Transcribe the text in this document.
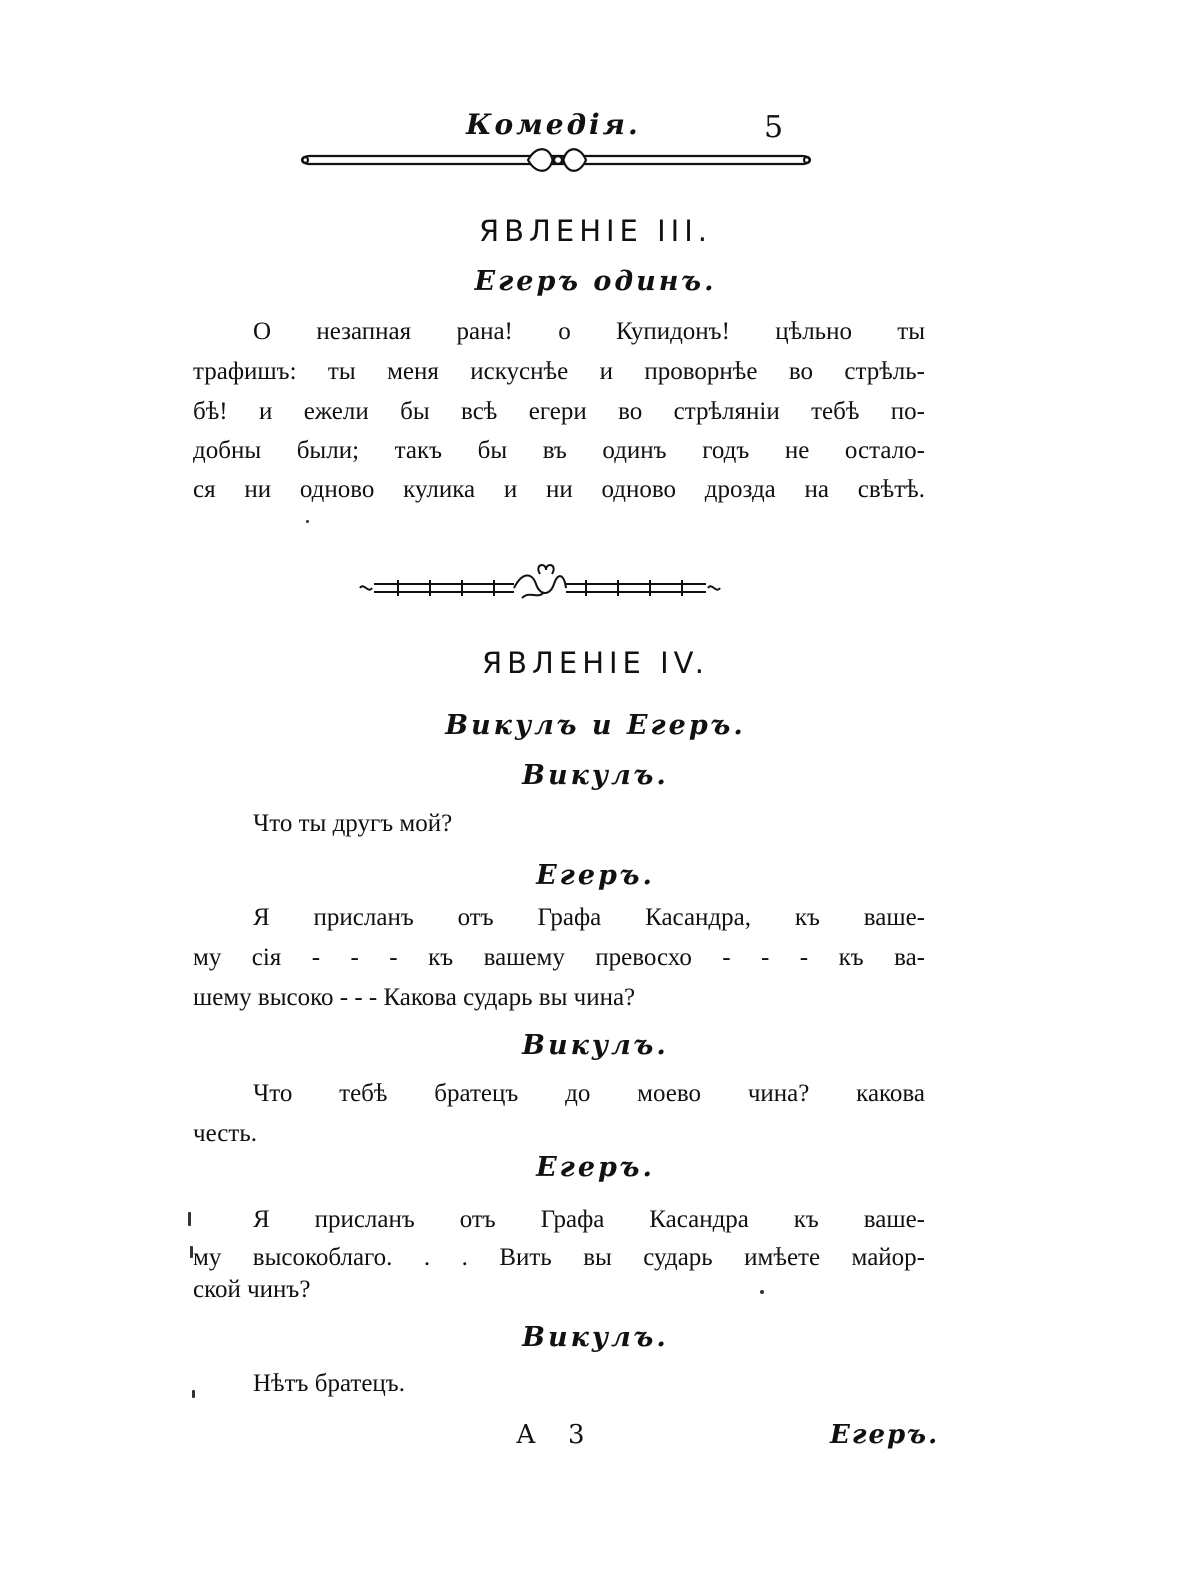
Комедія.	5
ЯВЛЕНІЕ III.
Егеръ одинъ.
О незапная рана! о Купидонъ! цѣльно ты
трафишъ: ты меня искуснѣе и проворнѣе во стрѣль-
бѣ! и ежели бы всѣ егери во стрѣляніи тебѣ по-
добны были; такъ бы въ одинъ годъ не осталo-
ся ни одново кулика и ни одново дрозда на свѣтѣ.
ЯВЛЕНІЕ IV.
Викулъ и Егеръ.
Викулъ.
Что ты другъ мой?
Егеръ.
Я присланъ отъ Графа Касандра, къ ваше-
му сія - - - къ вашему превосхо - - - къ ва-
шему высоко - - - Какова сударь вы чина?
Викулъ.
Что тебѣ братецъ до моево чина? какова
честь.
Егеръ.
Я присланъ отъ Графа Касандра къ ваше-
му высокоблаго. . . Вить вы сударь имѣете майор-
ской чинъ?
Викулъ.
Нѣтъ братецъ.
А 3	Егеръ.
